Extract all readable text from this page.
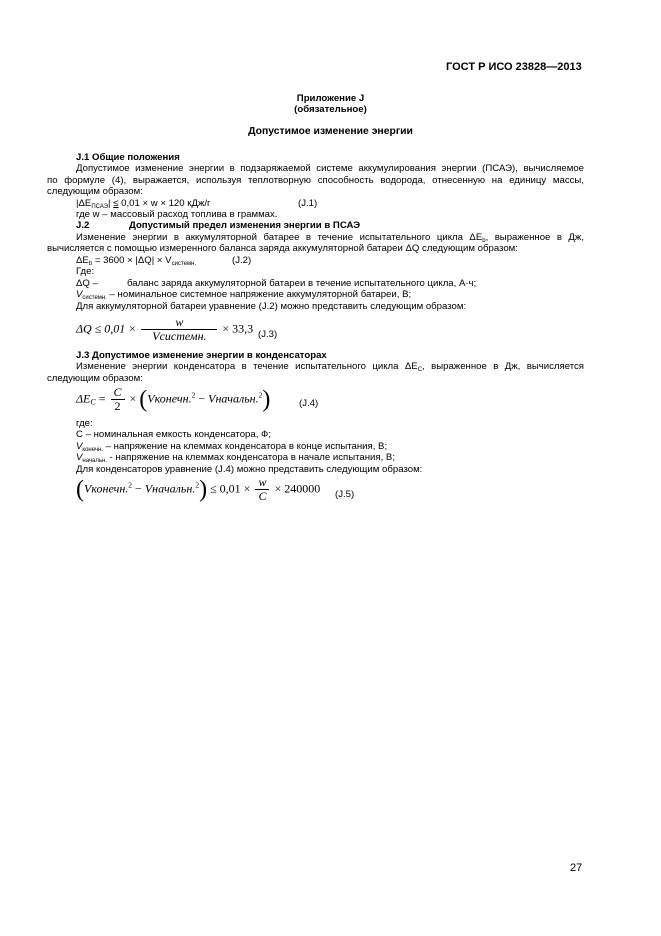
ГОСТ Р ИСО 23828—2013
Приложение J
(обязательное)
Допустимое изменение энергии
J.1 Общие положения
Допустимое изменение энергии в подзаряжаемой системе аккумулирования энергии (ПСАЭ), вычисляемое
по формуле (4), выражается, используя теплотворную способность водорода, отнесенную на единицу массы,
следующим образом:
$|\Delta E_{ПСАЭ}| \le 0,01 \times w \times 120$ кДж/г	(J.1)
где w – массовый расход топлива в граммах.
J.2	Допустимый предел изменения энергии в ПСАЭ
Изменение энергии в аккумуляторной батарее в течение испытательного цикла $\Delta E_b$, выраженное в Дж,
вычисляется с помощью измеренного баланса заряда аккумуляторной батареи ΔQ следующим образом:
$\Delta E_b = 3600 \times |\Delta Q| \times V_{системн.}$	(J.2)
Где:
ΔQ –	баланс заряда аккумуляторной батареи в течение испытательного цикла, А·ч;
$V_{системн.}$ – номинальное системное напряжение аккумуляторной батареи, В;
Для аккумуляторной батареи уравнение (J.2) можно представить следующим образом:
$\Delta Q \le 0,01 \times \frac{w}{\text{Vсистемн.}} \times 33,3$ (J.3)
J.3 Допустимое изменение энергии в конденсаторах
Изменение энергии конденсатора в течение испытательного цикла $\Delta E_C$, выраженное в Дж, вычисляется
следующим образом:
$\Delta E_C = \frac{C}{2}$ × (Vконечн.$^2$ − Vначальн.$^2$)	(J.4)
где:
C – номинальная емкость конденсатора, Ф;
$V_{конечн.}$ – напряжение на клеммах конденсатора в конце испытания, В;
$V_{начальн.}$ - напряжение на клеммах конденсатора в начале испытания, В;
Для конденсаторов уравнение (J.4) можно представить следующим образом:
(Vконечн.$^2$ − Vначальн.$^2$) ≤ $0,01 \times \frac{w}{C} \times 240000$ (J.5)
27
